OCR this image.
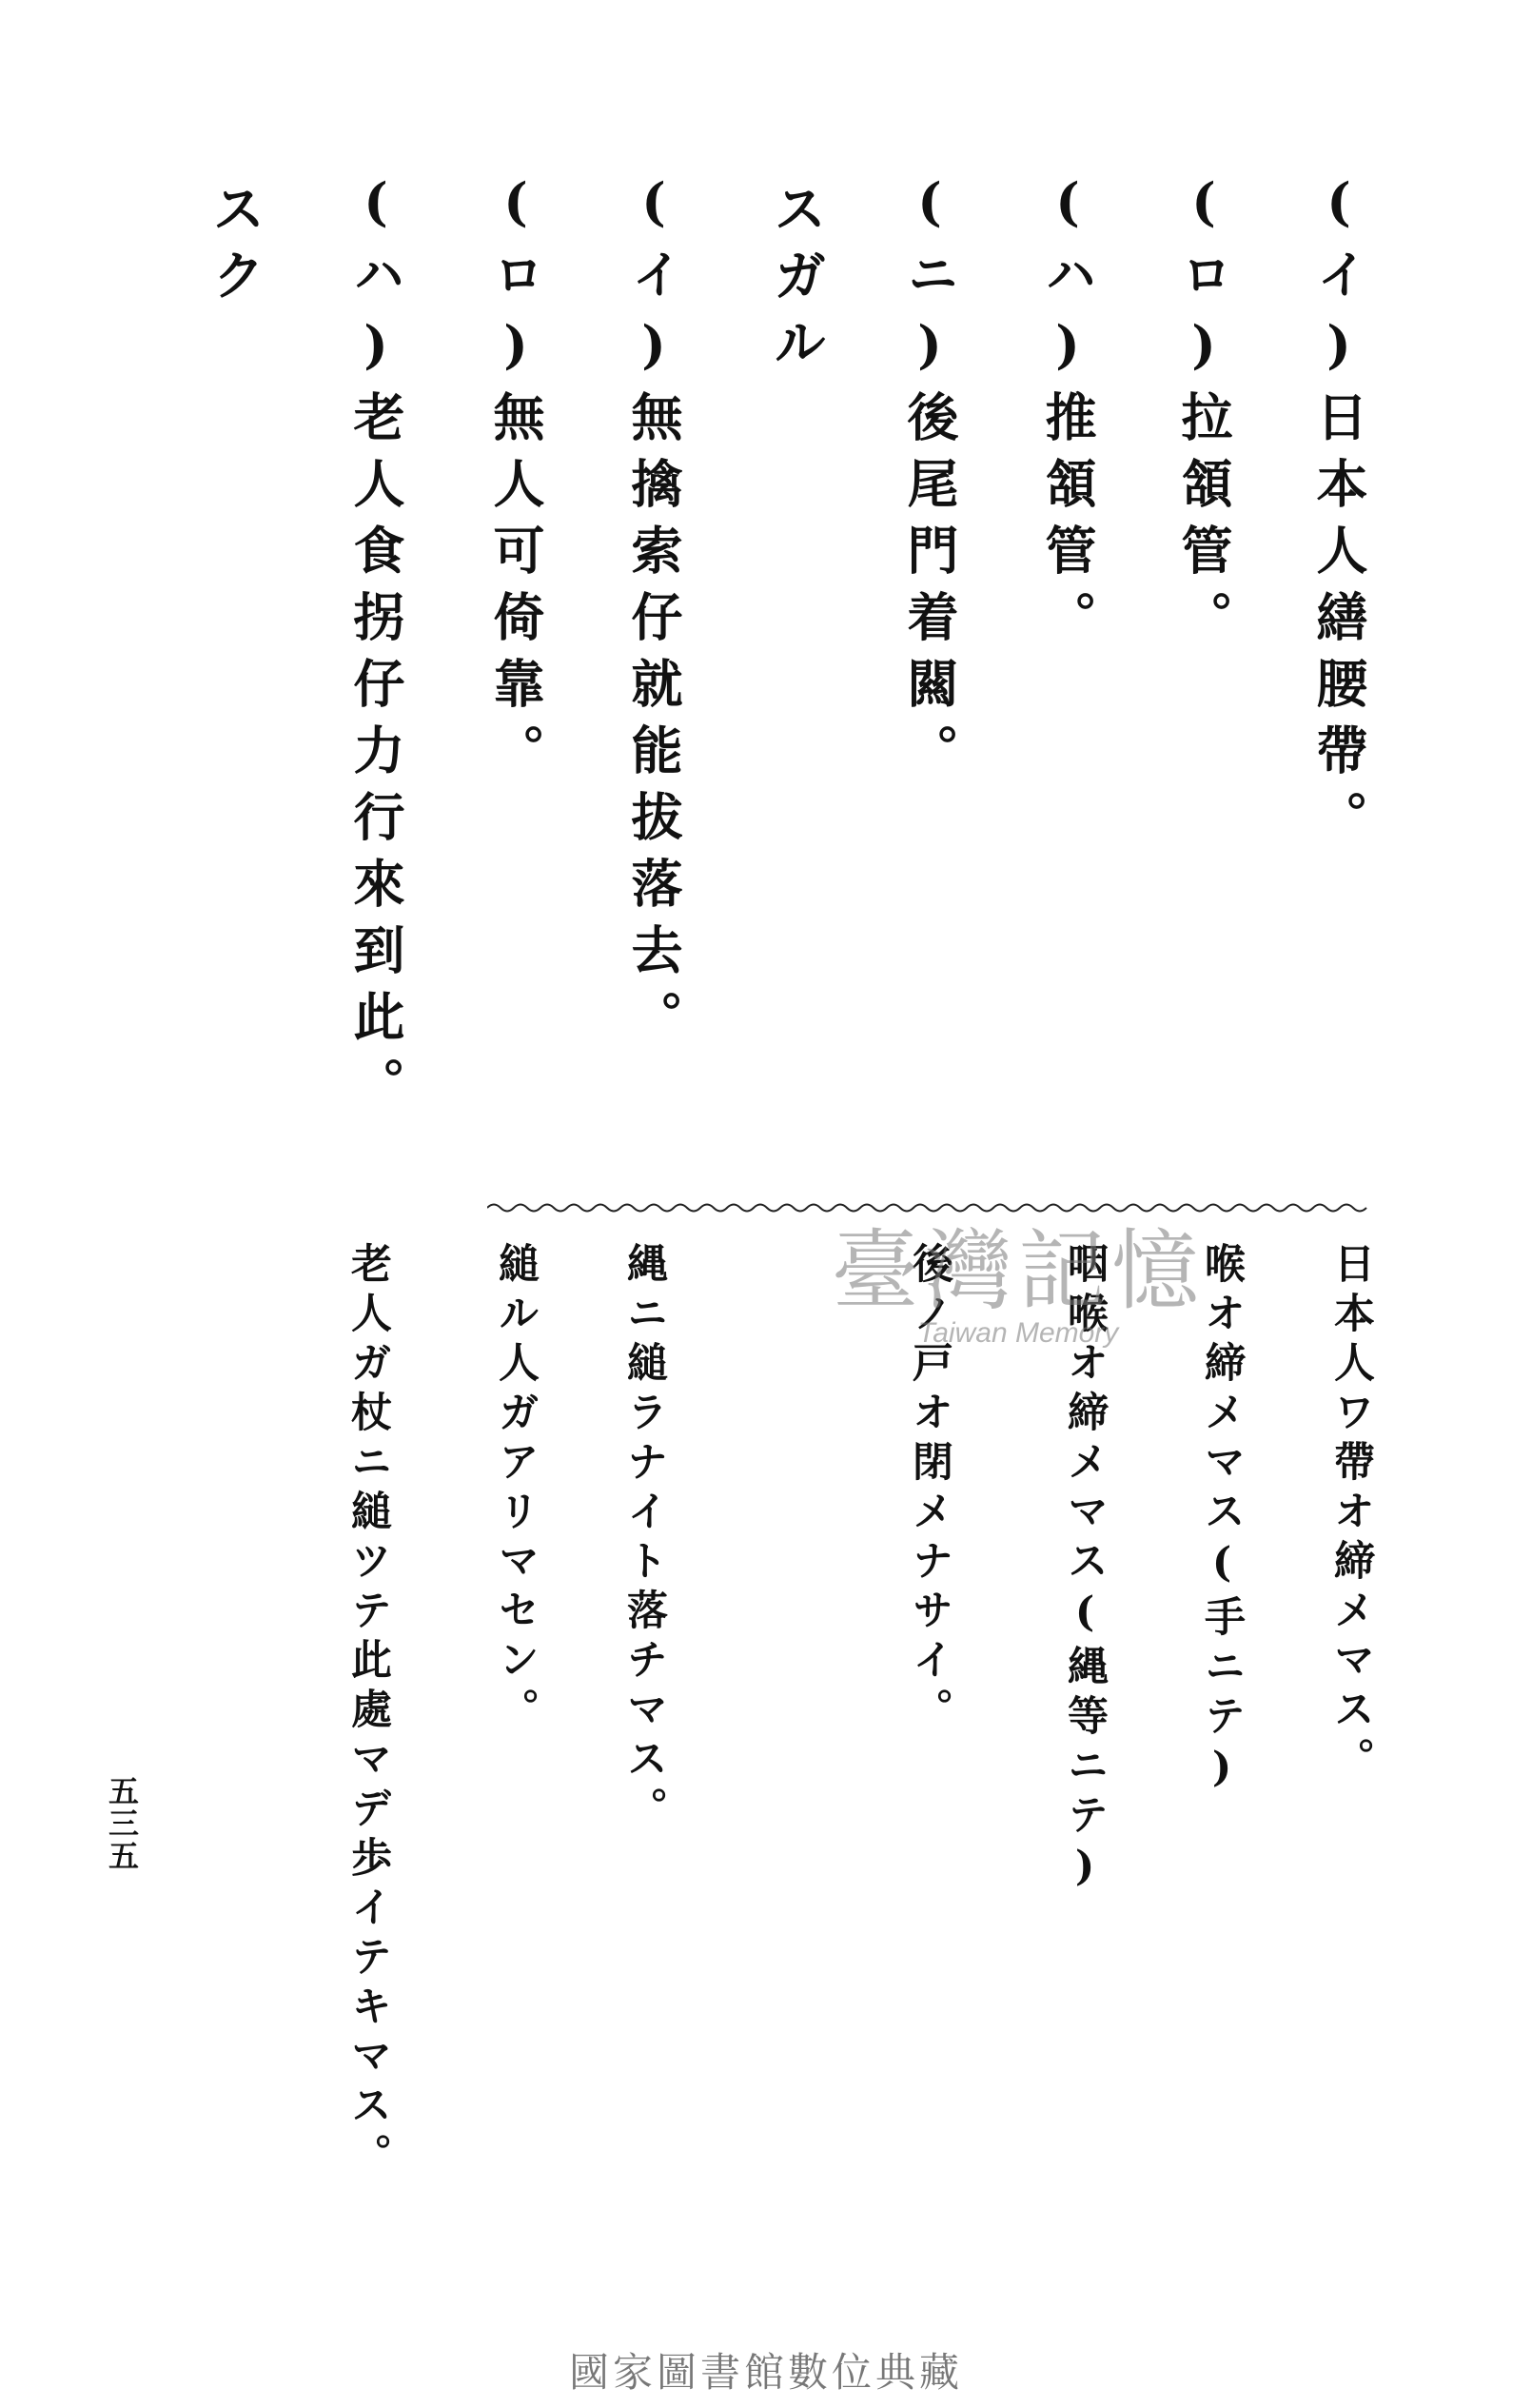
(イ)日本人繕腰帶。
(ロ)拉頷管。
(ハ)推頷管。
(ニ)後尾門着闗。
スガル
(イ)無擒索仔就能拔落去。
(ロ)無人可倚靠。
(ハ)老人食拐仔力行來到此。
スク
日本人ワ帶オ締メマス。
喉オ締メマス(手ニテ)
咽喉オ締メマス(縄等ニテ)
後ノ戸オ閉メナサイ。
縄ニ縋ラナイト落チマス。
縋ル人ガアリマセン。
老人ガ杖ニ縋ツテ此處マデ歩イテキマス。	臺灣記憶
Taiwan Memory
五三五
國家圖書館數位典藏
